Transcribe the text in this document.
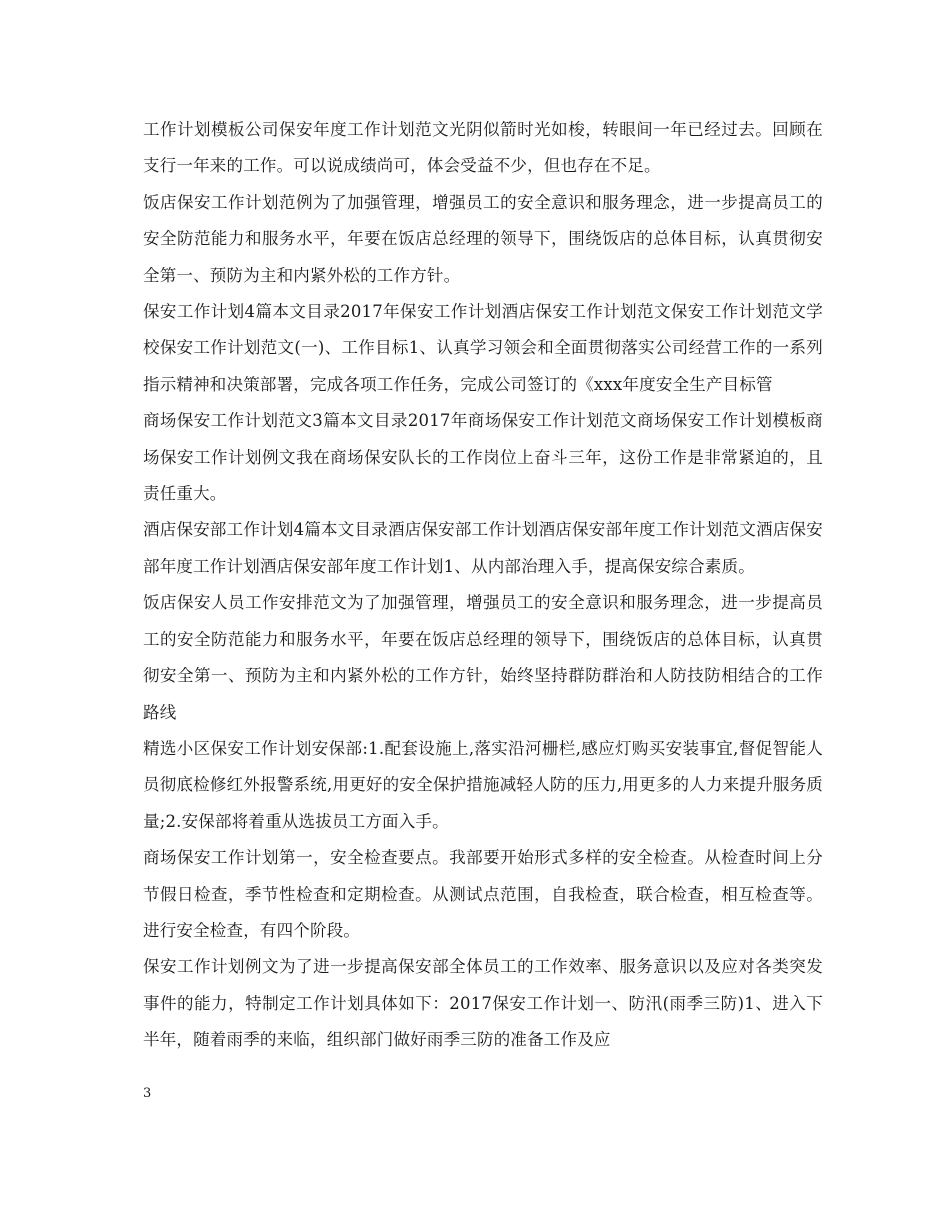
工作计划模板公司保安年度工作计划范文光阴似箭时光如梭，转眼间一年已经过去。回顾在支行一年来的工作。可以说成绩尚可，体会受益不少，但也存在不足。

饭店保安工作计划范例为了加强管理，增强员工的安全意识和服务理念，进一步提高员工的安全防范能力和服务水平，年要在饭店总经理的领导下，围绕饭店的总体目标，认真贯彻安全第一、预防为主和内紧外松的工作方针。

保安工作计划4篇本文目录2017年保安工作计划酒店保安工作计划范文保安工作计划范文学校保安工作计划范文(一)、工作目标1、认真学习领会和全面贯彻落实公司经营工作的一系列指示精神和决策部署，完成各项工作任务，完成公司签订的《xxx年度安全生产目标管

商场保安工作计划范文3篇本文目录2017年商场保安工作计划范文商场保安工作计划模板商场保安工作计划例文我在商场保安队长的工作岗位上奋斗三年，这份工作是非常紧迫的，且责任重大。

酒店保安部工作计划4篇本文目录酒店保安部工作计划酒店保安部年度工作计划范文酒店保安部年度工作计划酒店保安部年度工作计划1、从内部治理入手，提高保安综合素质。

饭店保安人员工作安排范文为了加强管理，增强员工的安全意识和服务理念，进一步提高员工的安全防范能力和服务水平，年要在饭店总经理的领导下，围绕饭店的总体目标，认真贯彻安全第一、预防为主和内紧外松的工作方针，始终坚持群防群治和人防技防相结合的工作路线

精选小区保安工作计划安保部:1.配套设施上,落实沿河栅栏,感应灯购买安装事宜,督促智能人员彻底检修红外报警系统,用更好的安全保护措施减轻人防的压力,用更多的人力来提升服务质量;2.安保部将着重从选拔员工方面入手。

商场保安工作计划第一，安全检查要点。我部要开始形式多样的安全检查。从检查时间上分节假日检查，季节性检查和定期检查。从测试点范围，自我检查，联合检查，相互检查等。进行安全检查，有四个阶段。

保安工作计划例文为了进一步提高保安部全体员工的工作效率、服务意识以及应对各类突发事件的能力，特制定工作计划具体如下：2017保安工作计划一、防汛(雨季三防)1、进入下半年，随着雨季的来临，组织部门做好雨季三防的准备工作及应

3
